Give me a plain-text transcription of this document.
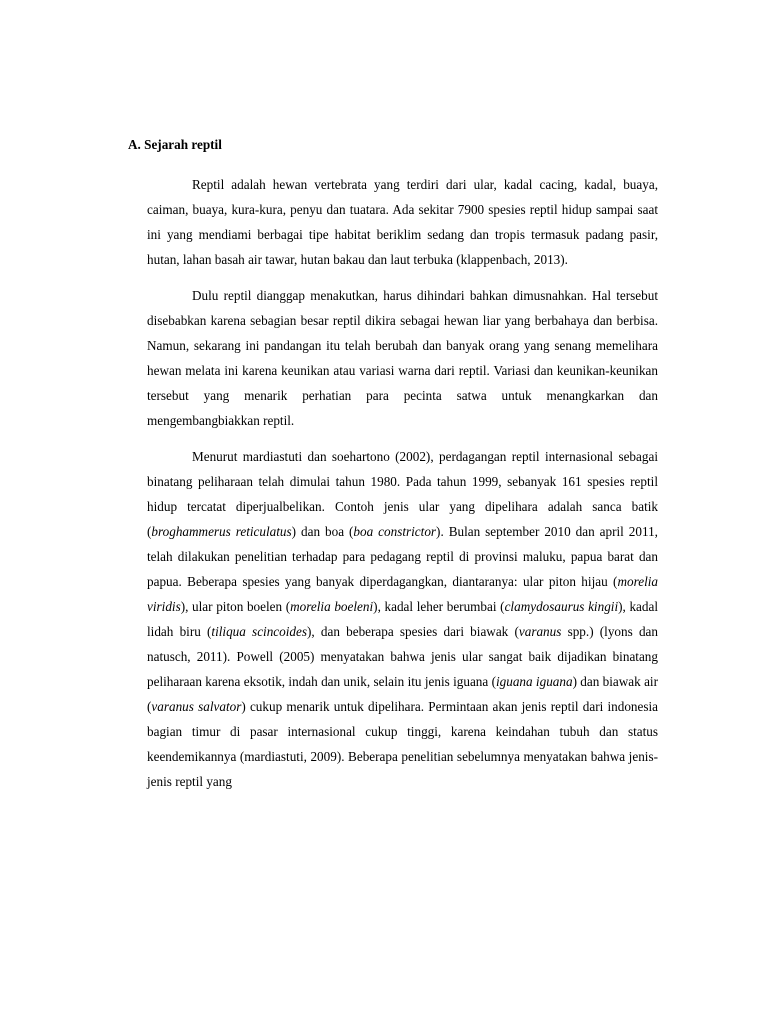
A. Sejarah reptil

Reptil adalah hewan vertebrata yang terdiri dari ular, kadal cacing, kadal, buaya, caiman, buaya, kura-kura, penyu dan tuatara. Ada sekitar 7900 spesies reptil hidup sampai saat ini yang mendiami berbagai tipe habitat beriklim sedang dan tropis termasuk padang pasir, hutan, lahan basah air tawar, hutan bakau dan laut terbuka (klappenbach, 2013).

Dulu reptil dianggap menakutkan, harus dihindari bahkan dimusnahkan. Hal tersebut disebabkan karena sebagian besar reptil dikira sebagai hewan liar yang berbahaya dan berbisa. Namun, sekarang ini pandangan itu telah berubah dan banyak orang yang senang memelihara hewan melata ini karena keunikan atau variasi warna dari reptil. Variasi dan keunikan-keunikan tersebut yang menarik perhatian para pecinta satwa untuk menangkarkan dan mengembangbiakkan reptil.

Menurut mardiastuti dan soehartono (2002), perdagangan reptil internasional sebagai binatang peliharaan telah dimulai tahun 1980. Pada tahun 1999, sebanyak 161 spesies reptil hidup tercatat diperjualbelikan. Contoh jenis ular yang dipelihara adalah sanca batik (broghammerus reticulatus) dan boa (boa constrictor). Bulan september 2010 dan april 2011, telah dilakukan penelitian terhadap para pedagang reptil di provinsi maluku, papua barat dan papua. Beberapa spesies yang banyak diperdagangkan, diantaranya: ular piton hijau (morelia viridis), ular piton boelen (morelia boeleni), kadal leher berumbai (clamydosaurus kingii), kadal lidah biru (tiliqua scincoides), dan beberapa spesies dari biawak (varanus spp.) (lyons dan natusch, 2011). Powell (2005) menyatakan bahwa jenis ular sangat baik dijadikan binatang peliharaan karena eksotik, indah dan unik, selain itu jenis iguana (iguana iguana) dan biawak air (varanus salvator) cukup menarik untuk dipelihara. Permintaan akan jenis reptil dari indonesia bagian timur di pasar internasional cukup tinggi, karena keindahan tubuh dan status keendemikannya (mardiastuti, 2009). Beberapa penelitian sebelumnya menyatakan bahwa jenis-jenis reptil yang
